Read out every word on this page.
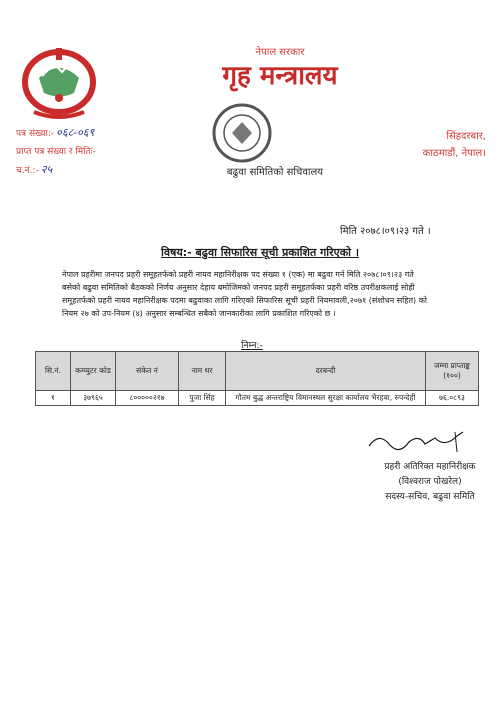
नेपाल सरकार
गृह मन्त्रालय
पत्र संख्या:- ०६८-०६९
प्राप्त पत्र संख्या र मितिः-
च.नं.:- २५
सिंहदरबार,
काठमाडौं, नेपाल।
बढुवा समितिको सचिवालय
मिति २०७८।०९।२३ गते ।
विषय:- बढुवा सिफारिस सूची प्रकाशित गरिएको ।
नेपाल प्रहरीमा जनपद प्रहरी समूहतर्फको प्रहरी नायव महानिरीक्षक पद संख्या १ (एक) मा बढुवा गर्न मिति २०७८।०९।२३ गते
बसेको बढुवा समितिको बैठकको निर्णय अनुसार देहाय बमोजिमको जनपद प्रहरी समूहतर्फका प्रहरी वरिष्ठ उपरीक्षकलाई सोही
समूहतर्फको प्रहरी नायव महानिरीक्षक पदमा बढुवाका लागि गरिएको सिफारिस सूची प्रहरी नियमावली,२०७१ (संशोधन सहित) को
नियम २७ को उप-नियम (४) अनुसार सम्बन्धित सबैको जानकारीका लागि प्रकाशित गरिएको छ ।
निम्न:-
सि.नं.	कम्प्युटर कोड	संकेत नं	नाम थर	दरबन्दी	जम्मा प्राप्ताङ्क (१००)
१	३७९६५	८०००००२१७	पुजा सिंह	गौतम बुद्ध अन्तराष्ट्रिय विमानस्थल सुरक्षा कार्यालय भैरहवा, रुपन्देही	७६.०८९३
प्रहरी अतिरिक्त महानिरीक्षक
(विश्वराज पोखरेल)
सदस्य-सचिव, बढुवा समिति
